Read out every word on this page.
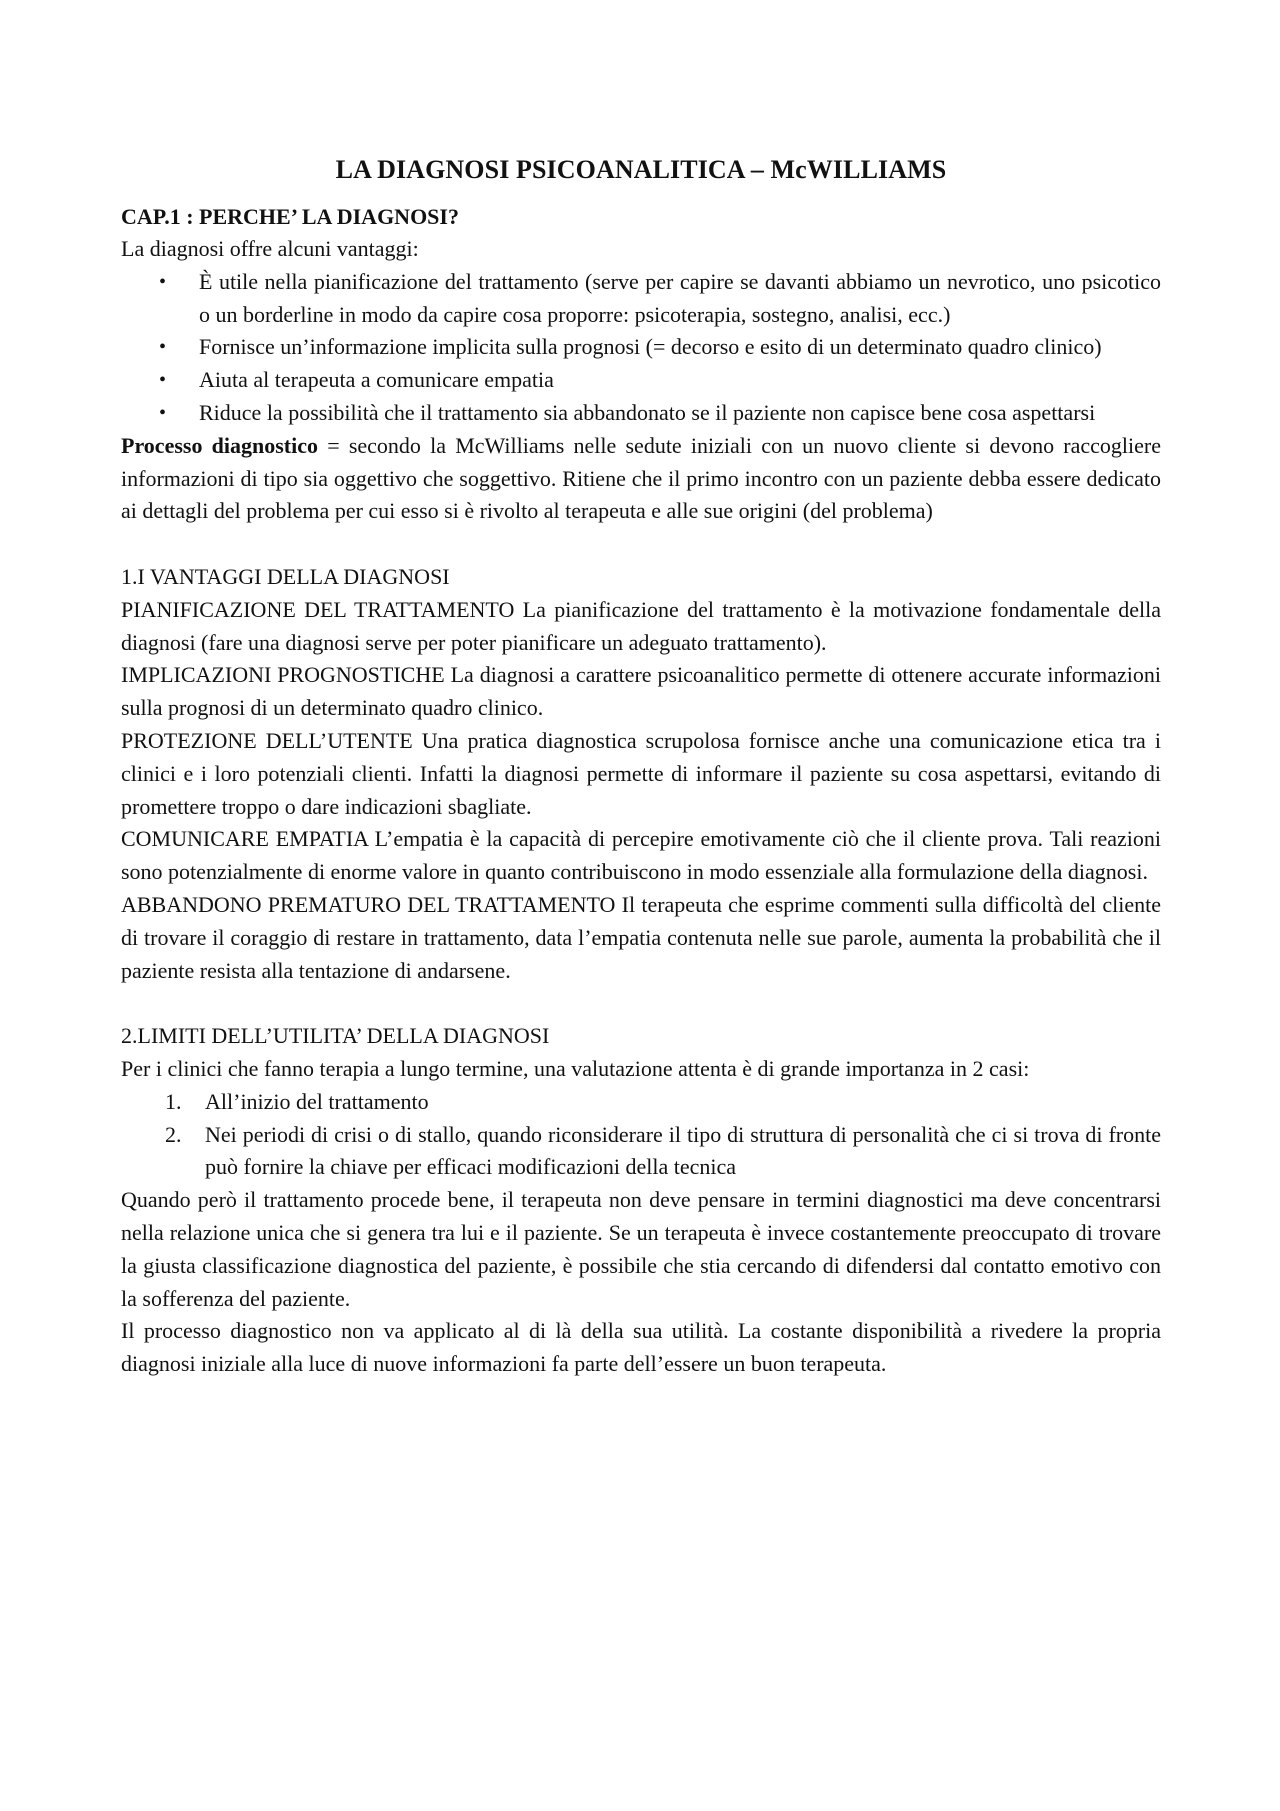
LA DIAGNOSI PSICOANALITICA – McWILLIAMS
CAP.1 : PERCHE’ LA DIAGNOSI?

La diagnosi offre alcuni vantaggi:

• È utile nella pianificazione del trattamento (serve per capire se davanti abbiamo un nevrotico, uno psicotico o un borderline in modo da capire cosa proporre: psicoterapia, sostegno, analisi, ecc.)
• Fornisce un’informazione implicita sulla prognosi (= decorso e esito di un determinato quadro clinico)
• Aiuta al terapeuta a comunicare empatia
• Riduce la possibilità che il trattamento sia abbandonato se il paziente non capisce bene cosa aspettarsi

Processo diagnostico = secondo la McWilliams nelle sedute iniziali con un nuovo cliente si devono raccogliere informazioni di tipo sia oggettivo che soggettivo. Ritiene che il primo incontro con un paziente debba essere dedicato ai dettagli del problema per cui esso si è rivolto al terapeuta e alle sue origini (del problema)

1.I VANTAGGI DELLA DIAGNOSI

PIANIFICAZIONE DEL TRATTAMENTO La pianificazione del trattamento è la motivazione fondamentale della diagnosi (fare una diagnosi serve per poter pianificare un adeguato trattamento).

IMPLICAZIONI PROGNOSTICHE La diagnosi a carattere psicoanalitico permette di ottenere accurate informazioni sulla prognosi di un determinato quadro clinico.

PROTEZIONE DELL’UTENTE Una pratica diagnostica scrupolosa fornisce anche una comunicazione etica tra i clinici e i loro potenziali clienti. Infatti la diagnosi permette di informare il paziente su cosa aspettarsi, evitando di promettere troppo o dare indicazioni sbagliate.

COMUNICARE EMPATIA L’empatia è la capacità di percepire emotivamente ciò che il cliente prova. Tali reazioni sono potenzialmente di enorme valore in quanto contribuiscono in modo essenziale alla formulazione della diagnosi.

ABBANDONO PREMATURO DEL TRATTAMENTO Il terapeuta che esprime commenti sulla difficoltà del cliente di trovare il coraggio di restare in trattamento, data l’empatia contenuta nelle sue parole, aumenta la probabilità che il paziente resista alla tentazione di andarsene.

2.LIMITI DELL’UTILITA’ DELLA DIAGNOSI

Per i clinici che fanno terapia a lungo termine, una valutazione attenta è di grande importanza in 2 casi:

1. All’inizio del trattamento
2. Nei periodi di crisi o di stallo, quando riconsiderare il tipo di struttura di personalità che ci si trova di fronte può fornire la chiave per efficaci modificazioni della tecnica

Quando però il trattamento procede bene, il terapeuta non deve pensare in termini diagnostici ma deve concentrarsi nella relazione unica che si genera tra lui e il paziente. Se un terapeuta è invece costantemente preoccupato di trovare la giusta classificazione diagnostica del paziente, è possibile che stia cercando di difendersi dal contatto emotivo con la sofferenza del paziente.

Il processo diagnostico non va applicato al di là della sua utilità. La costante disponibilità a rivedere la propria diagnosi iniziale alla luce di nuove informazioni fa parte dell’essere un buon terapeuta.
